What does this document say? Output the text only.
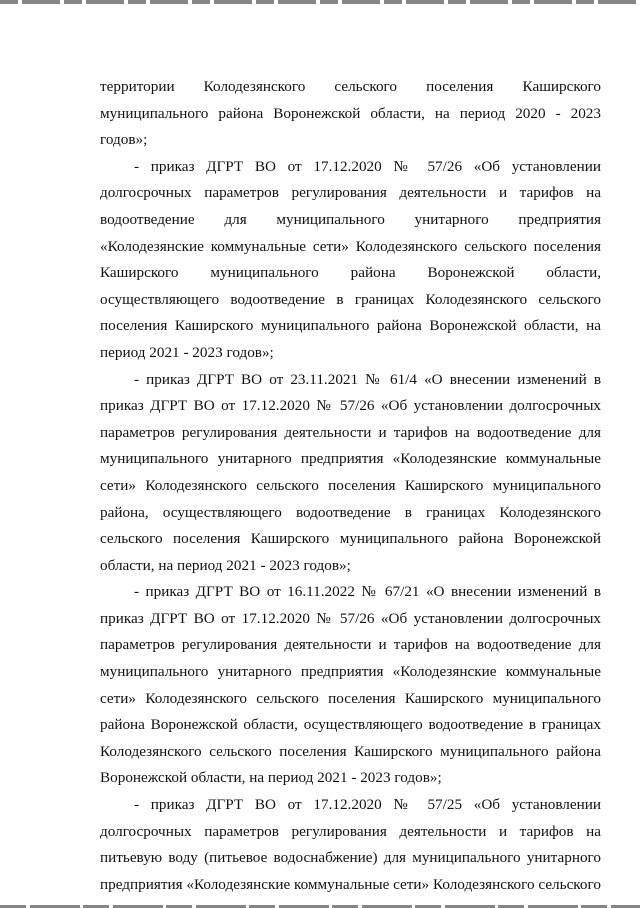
территории Колодезянского сельского поселения Каширского муниципального района Воронежской области, на период 2020 - 2023 годов»;

- приказ ДГРТ ВО от 17.12.2020 № 57/26 «Об установлении долгосрочных параметров регулирования деятельности и тарифов на водоотведение для муниципального унитарного предприятия «Колодезянские коммунальные сети» Колодезянского сельского поселения Каширского муниципального района Воронежской области, осуществляющего водоотведение в границах Колодезянского сельского поселения Каширского муниципального района Воронежской области, на период 2021 - 2023 годов»;

- приказ ДГРТ ВО от 23.11.2021 № 61/4 «О внесении изменений в приказ ДГРТ ВО от 17.12.2020 № 57/26 «Об установлении долгосрочных параметров регулирования деятельности и тарифов на водоотведение для муниципального унитарного предприятия «Колодезянские коммунальные сети» Колодезянского сельского поселения Каширского муниципального района, осуществляющего водоотведение в границах Колодезянского сельского поселения Каширского муниципального района Воронежской области, на период 2021 - 2023 годов»;

- приказ ДГРТ ВО от 16.11.2022 № 67/21 «О внесении изменений в приказ ДГРТ ВО от 17.12.2020 № 57/26 «Об установлении долгосрочных параметров регулирования деятельности и тарифов на водоотведение для муниципального унитарного предприятия «Колодезянские коммунальные сети» Колодезянского сельского поселения Каширского муниципального района Воронежской области, осуществляющего водоотведение в границах Колодезянского сельского поселения Каширского муниципального района Воронежской области, на период 2021 - 2023 годов»;

- приказ ДГРТ ВО от 17.12.2020 № 57/25 «Об установлении долгосрочных параметров регулирования деятельности и тарифов на питьевую воду (питьевое водоснабжение) для муниципального унитарного предприятия «Колодезянские коммунальные сети» Колодезянского сельского
